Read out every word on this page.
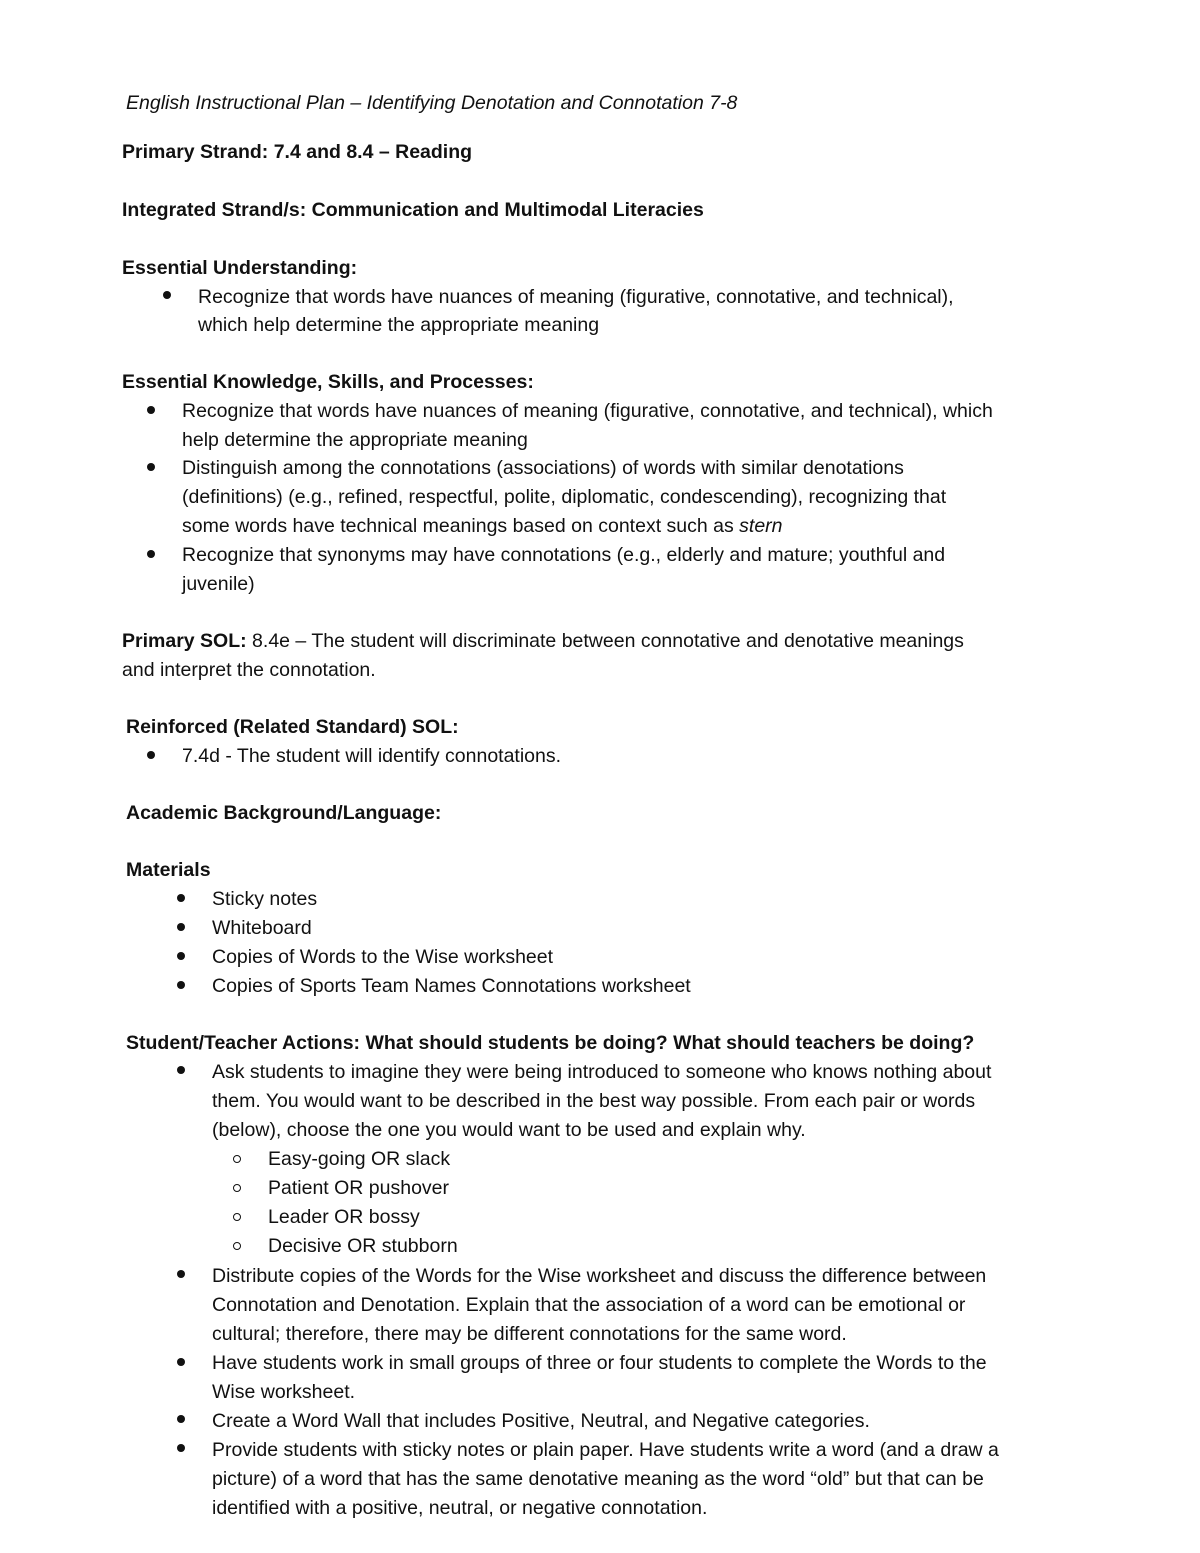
English Instructional Plan – Identifying Denotation and Connotation 7-8
Primary Strand: 7.4 and 8.4 – Reading
Integrated Strand/s: Communication and Multimodal Literacies
Essential Understanding:
Recognize that words have nuances of meaning (figurative, connotative, and technical),
which help determine the appropriate meaning
Essential Knowledge, Skills, and Processes:
Recognize that words have nuances of meaning (figurative, connotative, and technical), which
help determine the appropriate meaning
Distinguish among the connotations (associations) of words with similar denotations
(definitions) (e.g., refined, respectful, polite, diplomatic, condescending), recognizing that
some words have technical meanings based on context such as stern
Recognize that synonyms may have connotations (e.g., elderly and mature; youthful and
juvenile)
Primary SOL: 8.4e – The student will discriminate between connotative and denotative meanings
and interpret the connotation.
Reinforced (Related Standard) SOL:
7.4d - The student will identify connotations.
Academic Background/Language:
Materials
Sticky notes
Whiteboard
Copies of Words to the Wise worksheet
Copies of Sports Team Names Connotations worksheet
Student/Teacher Actions: What should students be doing? What should teachers be doing?
Ask students to imagine they were being introduced to someone who knows nothing about
them. You would want to be described in the best way possible. From each pair or words
(below), choose the one you would want to be used and explain why.
Easy-going OR slack
Patient OR pushover
Leader OR bossy
Decisive OR stubborn
Distribute copies of the Words for the Wise worksheet and discuss the difference between
Connotation and Denotation. Explain that the association of a word can be emotional or
cultural; therefore, there may be different connotations for the same word.
Have students work in small groups of three or four students to complete the Words to the
Wise worksheet.
Create a Word Wall that includes Positive, Neutral, and Negative categories.
Provide students with sticky notes or plain paper. Have students write a word (and a draw a
picture) of a word that has the same denotative meaning as the word “old” but that can be
identified with a positive, neutral, or negative connotation.
